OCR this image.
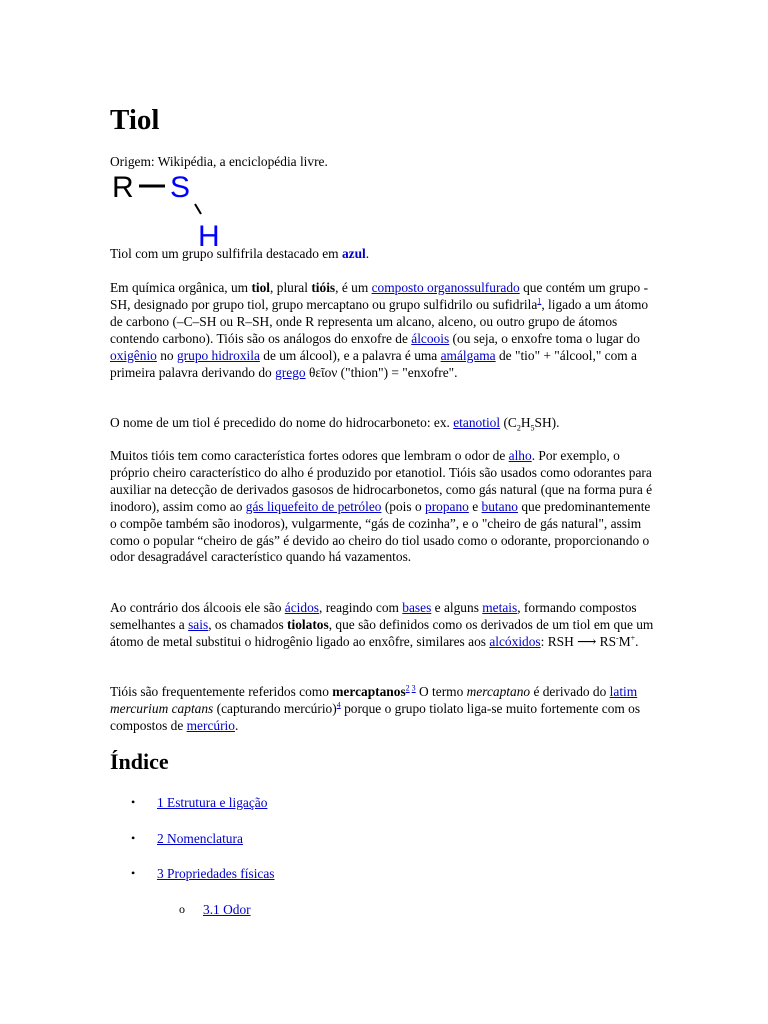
Tiol

Origem: Wikipédia, a enciclopédia livre.

R S
H

Tiol com um grupo sulfifrila destacado em azul.

Em química orgânica, um tiol, plural tióis, é um composto organossulfurado que contém um grupo -SH, designado por grupo tiol, grupo mercaptano ou grupo sulfidrilo ou sufidrila$^1$, ligado a um átomo de carbono (–C–SH ou R–SH, onde R representa um alcano, alceno, ou outro grupo de átomos contendo carbono). Tióis são os análogos do enxofre de álcoois (ou seja, o enxofre toma o lugar do oxigênio no grupo hidroxila de um álcool), e a palavra é uma amálgama de "tio" + "álcool," com a primeira palavra derivando do grego θεῖον ("thion") = "enxofre".

O nome de um tiol é precedido do nome do hidrocarboneto: ex. etanotiol $(C_2H_5SH)$.

Muitos tióis tem como característica fortes odores que lembram o odor de alho. Por exemplo, o próprio cheiro característico do alho é produzido por etanotiol. Tióis são usados como odorantes para auxiliar na detecção de derivados gasosos de hidrocarbonetos, como gás natural (que na forma pura é inodoro), assim como ao gás liquefeito de petróleo (pois o propano e butano que predominantemente o compõe também são inodoros), vulgarmente, “gás de cozinha”, e o "cheiro de gás natural", assim como o popular “cheiro de gás” é devido ao cheiro do tiol usado como o odorante, proporcionando o odor desagradável característico quando há vazamentos.

Ao contrário dos álcoois ele são ácidos, reagindo com bases e alguns metais, formando compostos semelhantes a sais, os chamados tiolatos, que são definidos como os derivados de um tiol em que um átomo de metal substitui o hidrogênio ligado ao enxôfre, similares aos alcóxidos: RSH ⟶ RS-M+.

Tióis são frequentemente referidos como mercaptanos$^{2 3}$ O termo mercaptano é derivado do latim mercurium captans (capturando mercúrio)$^4$ porque o grupo tiolato liga-se muito fortemente com os compostos de mercúrio.

Índice
• 1 Estrutura e ligação
• 2 Nomenclatura
• 3 Propriedades físicas
o 3.1 Odor
